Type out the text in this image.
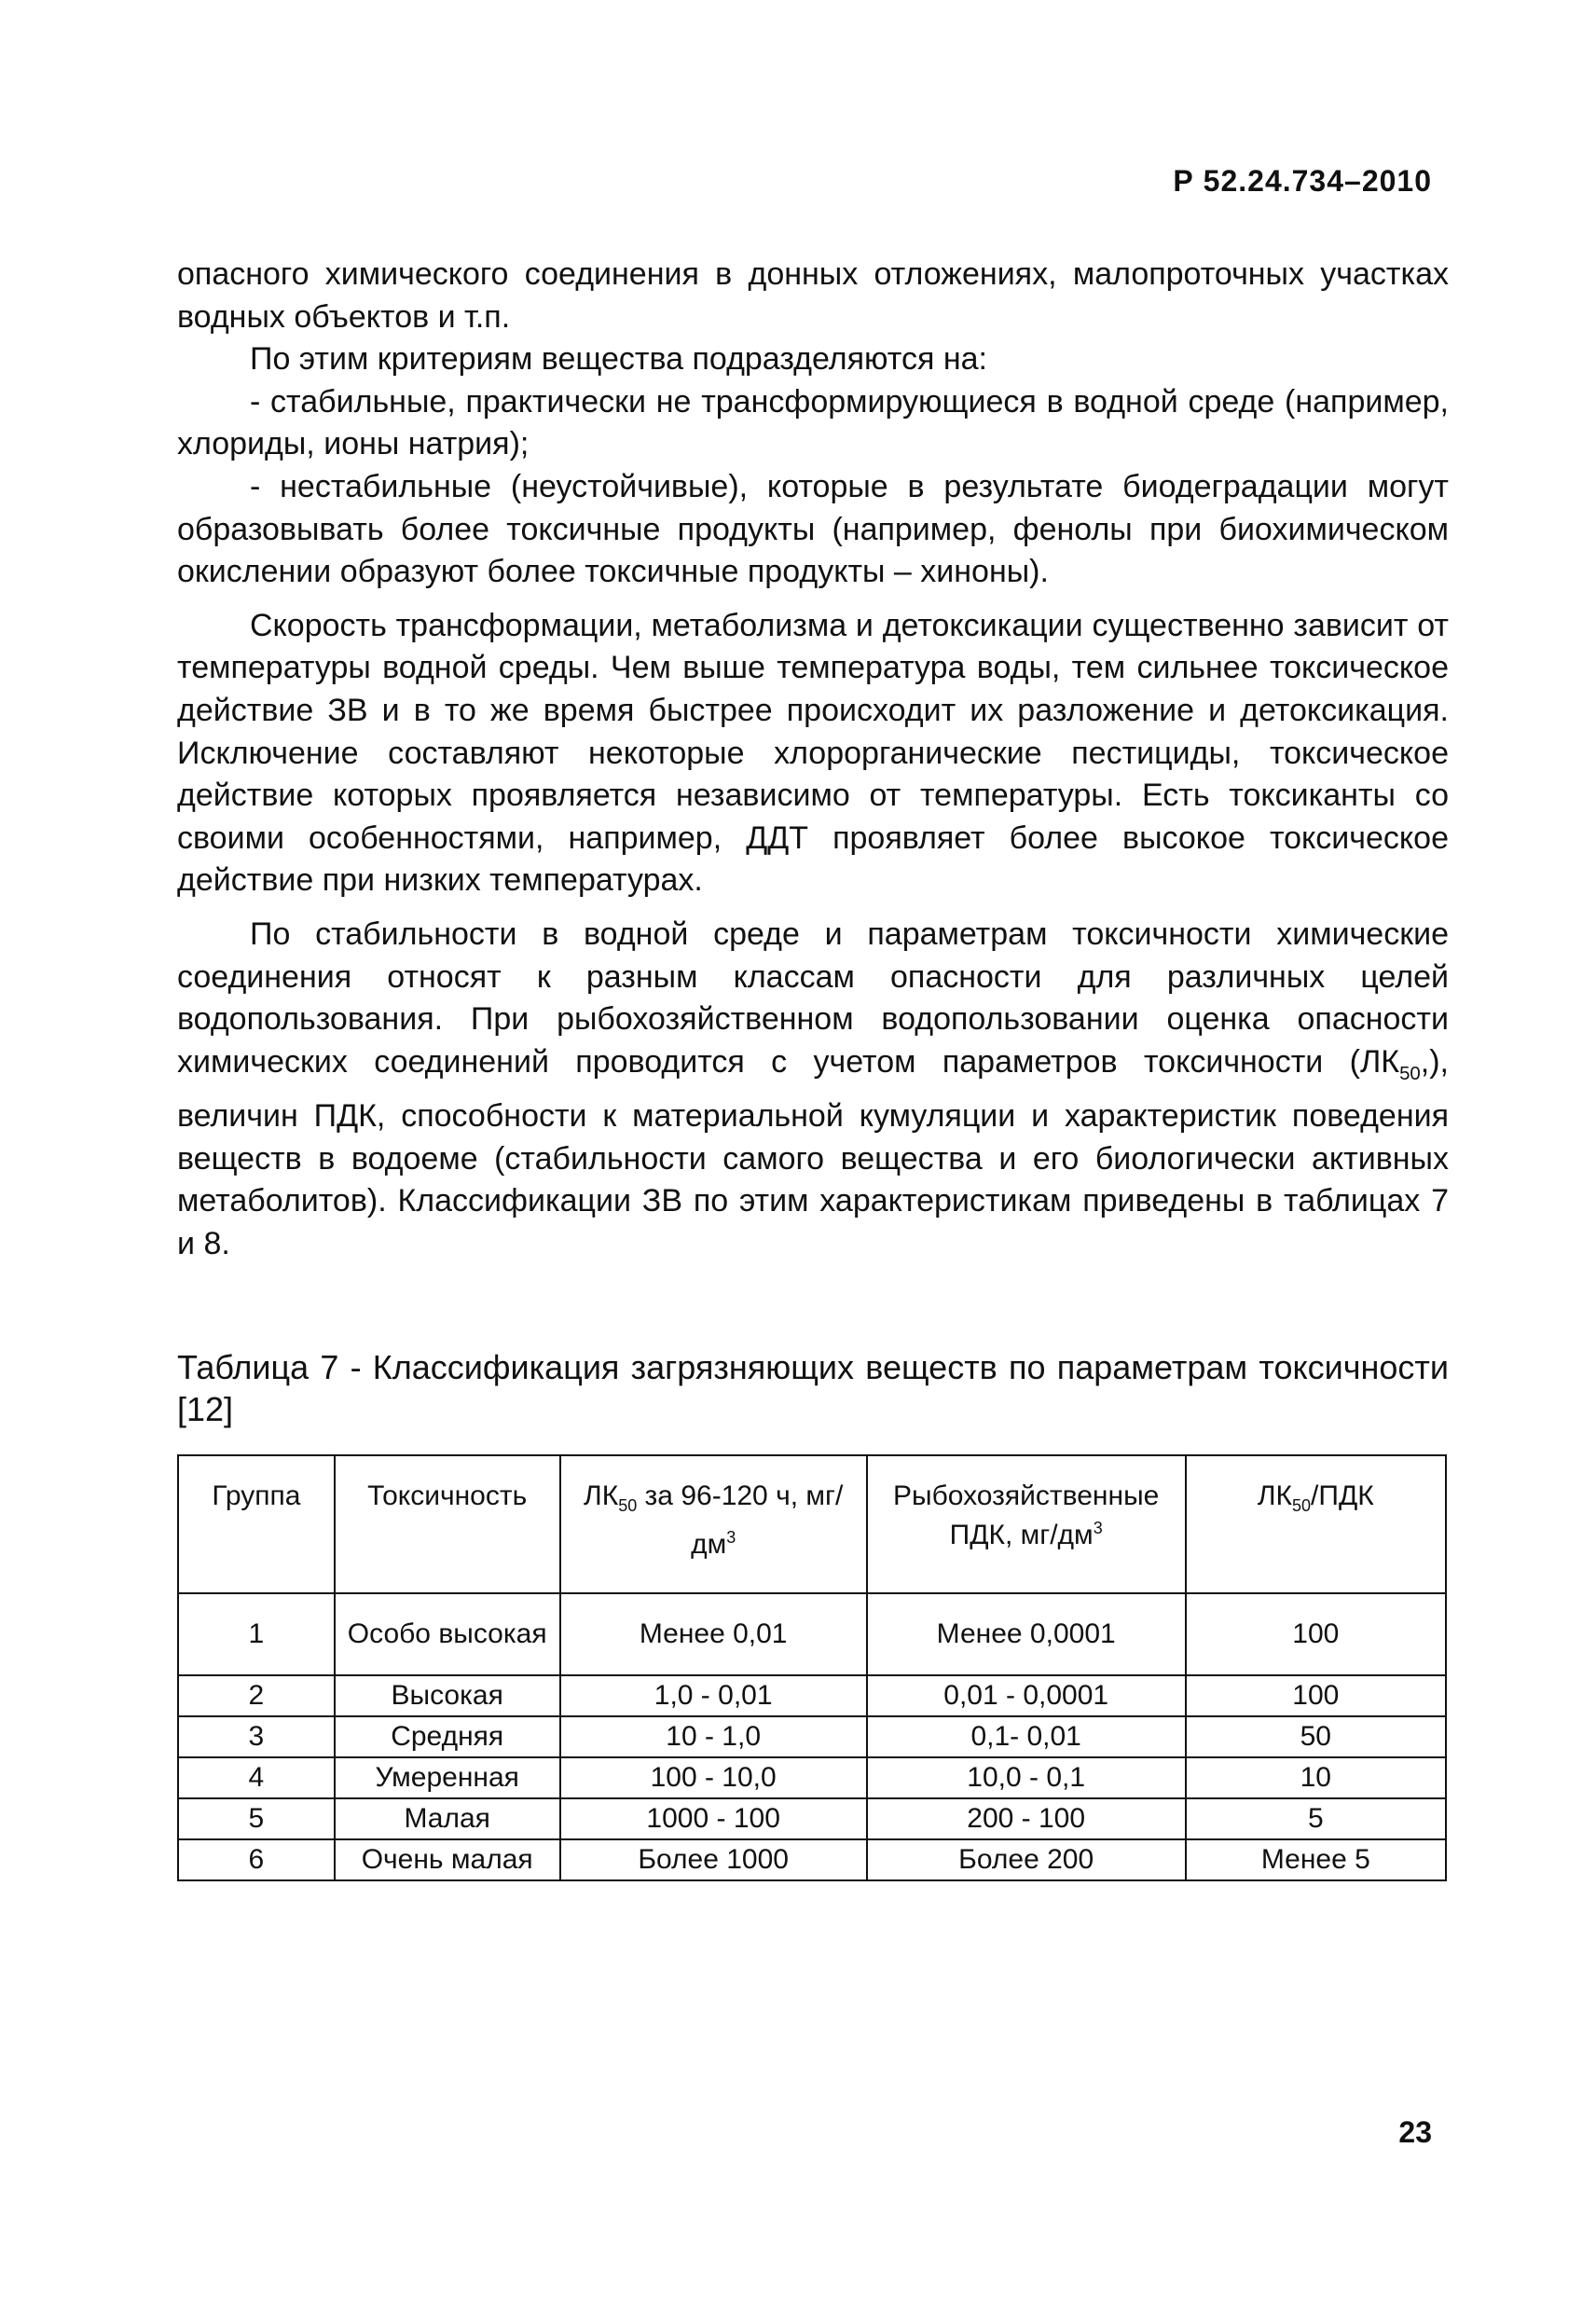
Р 52.24.734–2010

опасного химического соединения в донных отложениях, малопроточных участках водных объектов и т.п.

По этим критериям вещества подразделяются на:

- стабильные, практически не трансформирующиеся в водной среде (например, хлориды, ионы натрия);

- нестабильные (неустойчивые), которые в результате биодеградации могут образовывать более токсичные продукты (например, фенолы при биохимическом окислении образуют более токсичные продукты – хиноны).

Скорость трансформации, метаболизма и детоксикации существенно зависит от температуры водной среды. Чем выше температура воды, тем сильнее токсическое действие ЗВ и в то же время быстрее происходит их разложение и детоксикация. Исключение составляют некоторые хлорорганические пестициды, токсическое действие которых проявляется независимо от температуры. Есть токсиканты со своими особенностями, например, ДДТ проявляет более высокое токсическое действие при низких температурах.

По стабильности в водной среде и параметрам токсичности химические соединения относят к разным классам опасности для различных целей водопользования. При рыбохозяйственном водопользовании оценка опасности химических соединений проводится с учетом параметров токсичности $(ЛК_{50},)$, величин ПДК, способности к материальной кумуляции и характеристик поведения веществ в водоеме (стабильности самого вещества и его биологически активных метаболитов). Классификации ЗВ по этим характеристикам приведены в таблицах 7 и 8.

Таблица 7 - Классификация загрязняющих веществ по параметрам токсичности [12]
Группа	Токсичность	$ЛК_{50}$ за 96-120 ч, $мг/дм^3$	Рыбохозяйственные ПДК, $мг/дм^3$	$ЛК_{50}$/ПДК
1	Особо высокая	Менее 0,01	Менее 0,0001	100
2	Высокая	1,0 - 0,01	0,01 - 0,0001	100
3	Средняя	10 - 1,0	0,1- 0,01	50
4	Умеренная	100 - 10,0	10,0 - 0,1	10
5	Малая	1000 - 100	200 - 100	5
6	Очень малая	Более 1000	Более 200	Менее 5
23
